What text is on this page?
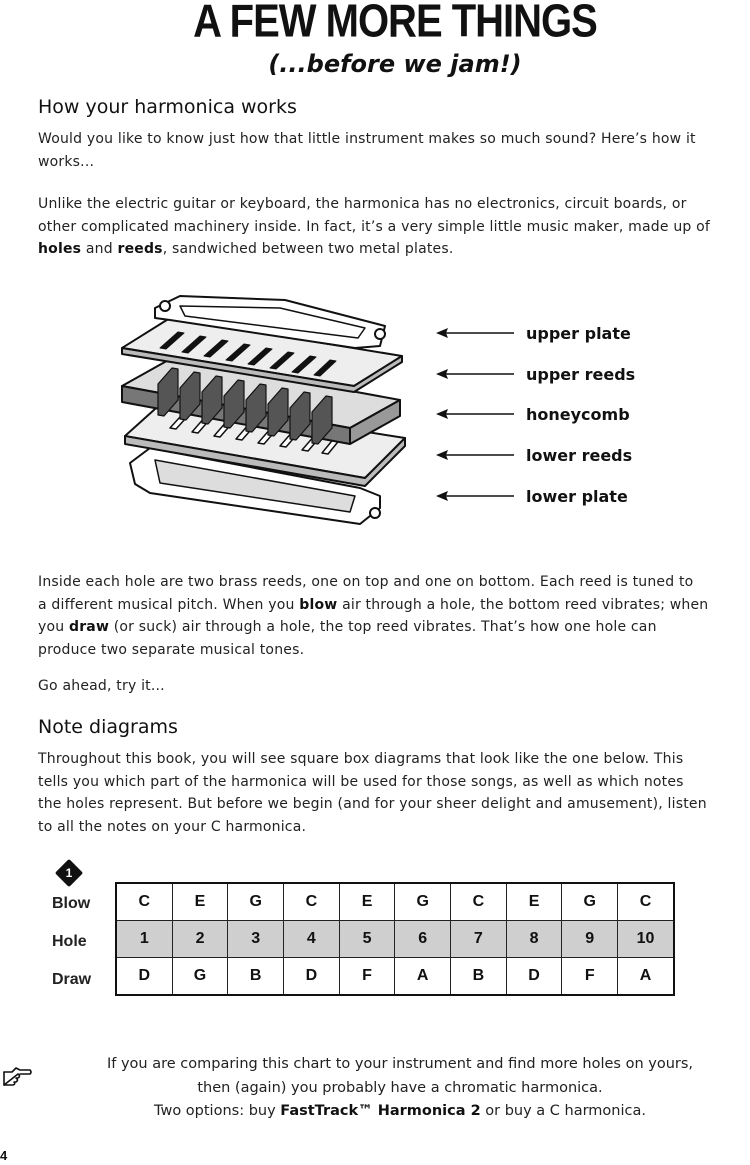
A FEW MORE THINGS
(...before we jam!)
How your harmonica works
Would you like to know just how that little instrument makes so much sound? Here’s how it
works...
Unlike the electric guitar or keyboard, the harmonica has no electronics, circuit boards, or
other complicated machinery inside. In fact, it’s a very simple little music maker, made up of
holes and reeds, sandwiched between two metal plates.
upper plate
upper reeds
honeycomb
lower reeds
lower plate
Inside each hole are two brass reeds, one on top and one on bottom. Each reed is tuned to
a different musical pitch. When you blow air through a hole, the bottom reed vibrates; when
you draw (or suck) air through a hole, the top reed vibrates. That’s how one hole can
produce two separate musical tones.
Go ahead, try it...
Note diagrams
Throughout this book, you will see square box diagrams that look like the one below. This
tells you which part of the harmonica will be used for those songs, as well as which notes
the holes represent. But before we begin (and for your sheer delight and amusement), listen
to all the notes on your C harmonica.
1
Blow
Hole
Draw
C	E	G	C	E	G	C	E	G	C
1	2	3	4	5	6	7	8	9	10
D	G	B	D	F	A	B	D	F	A
If you are comparing this chart to your instrument and find more holes on yours,
then (again) you probably have a chromatic harmonica.
Two options: buy FastTrack™ Harmonica 2 or buy a C harmonica.
4
